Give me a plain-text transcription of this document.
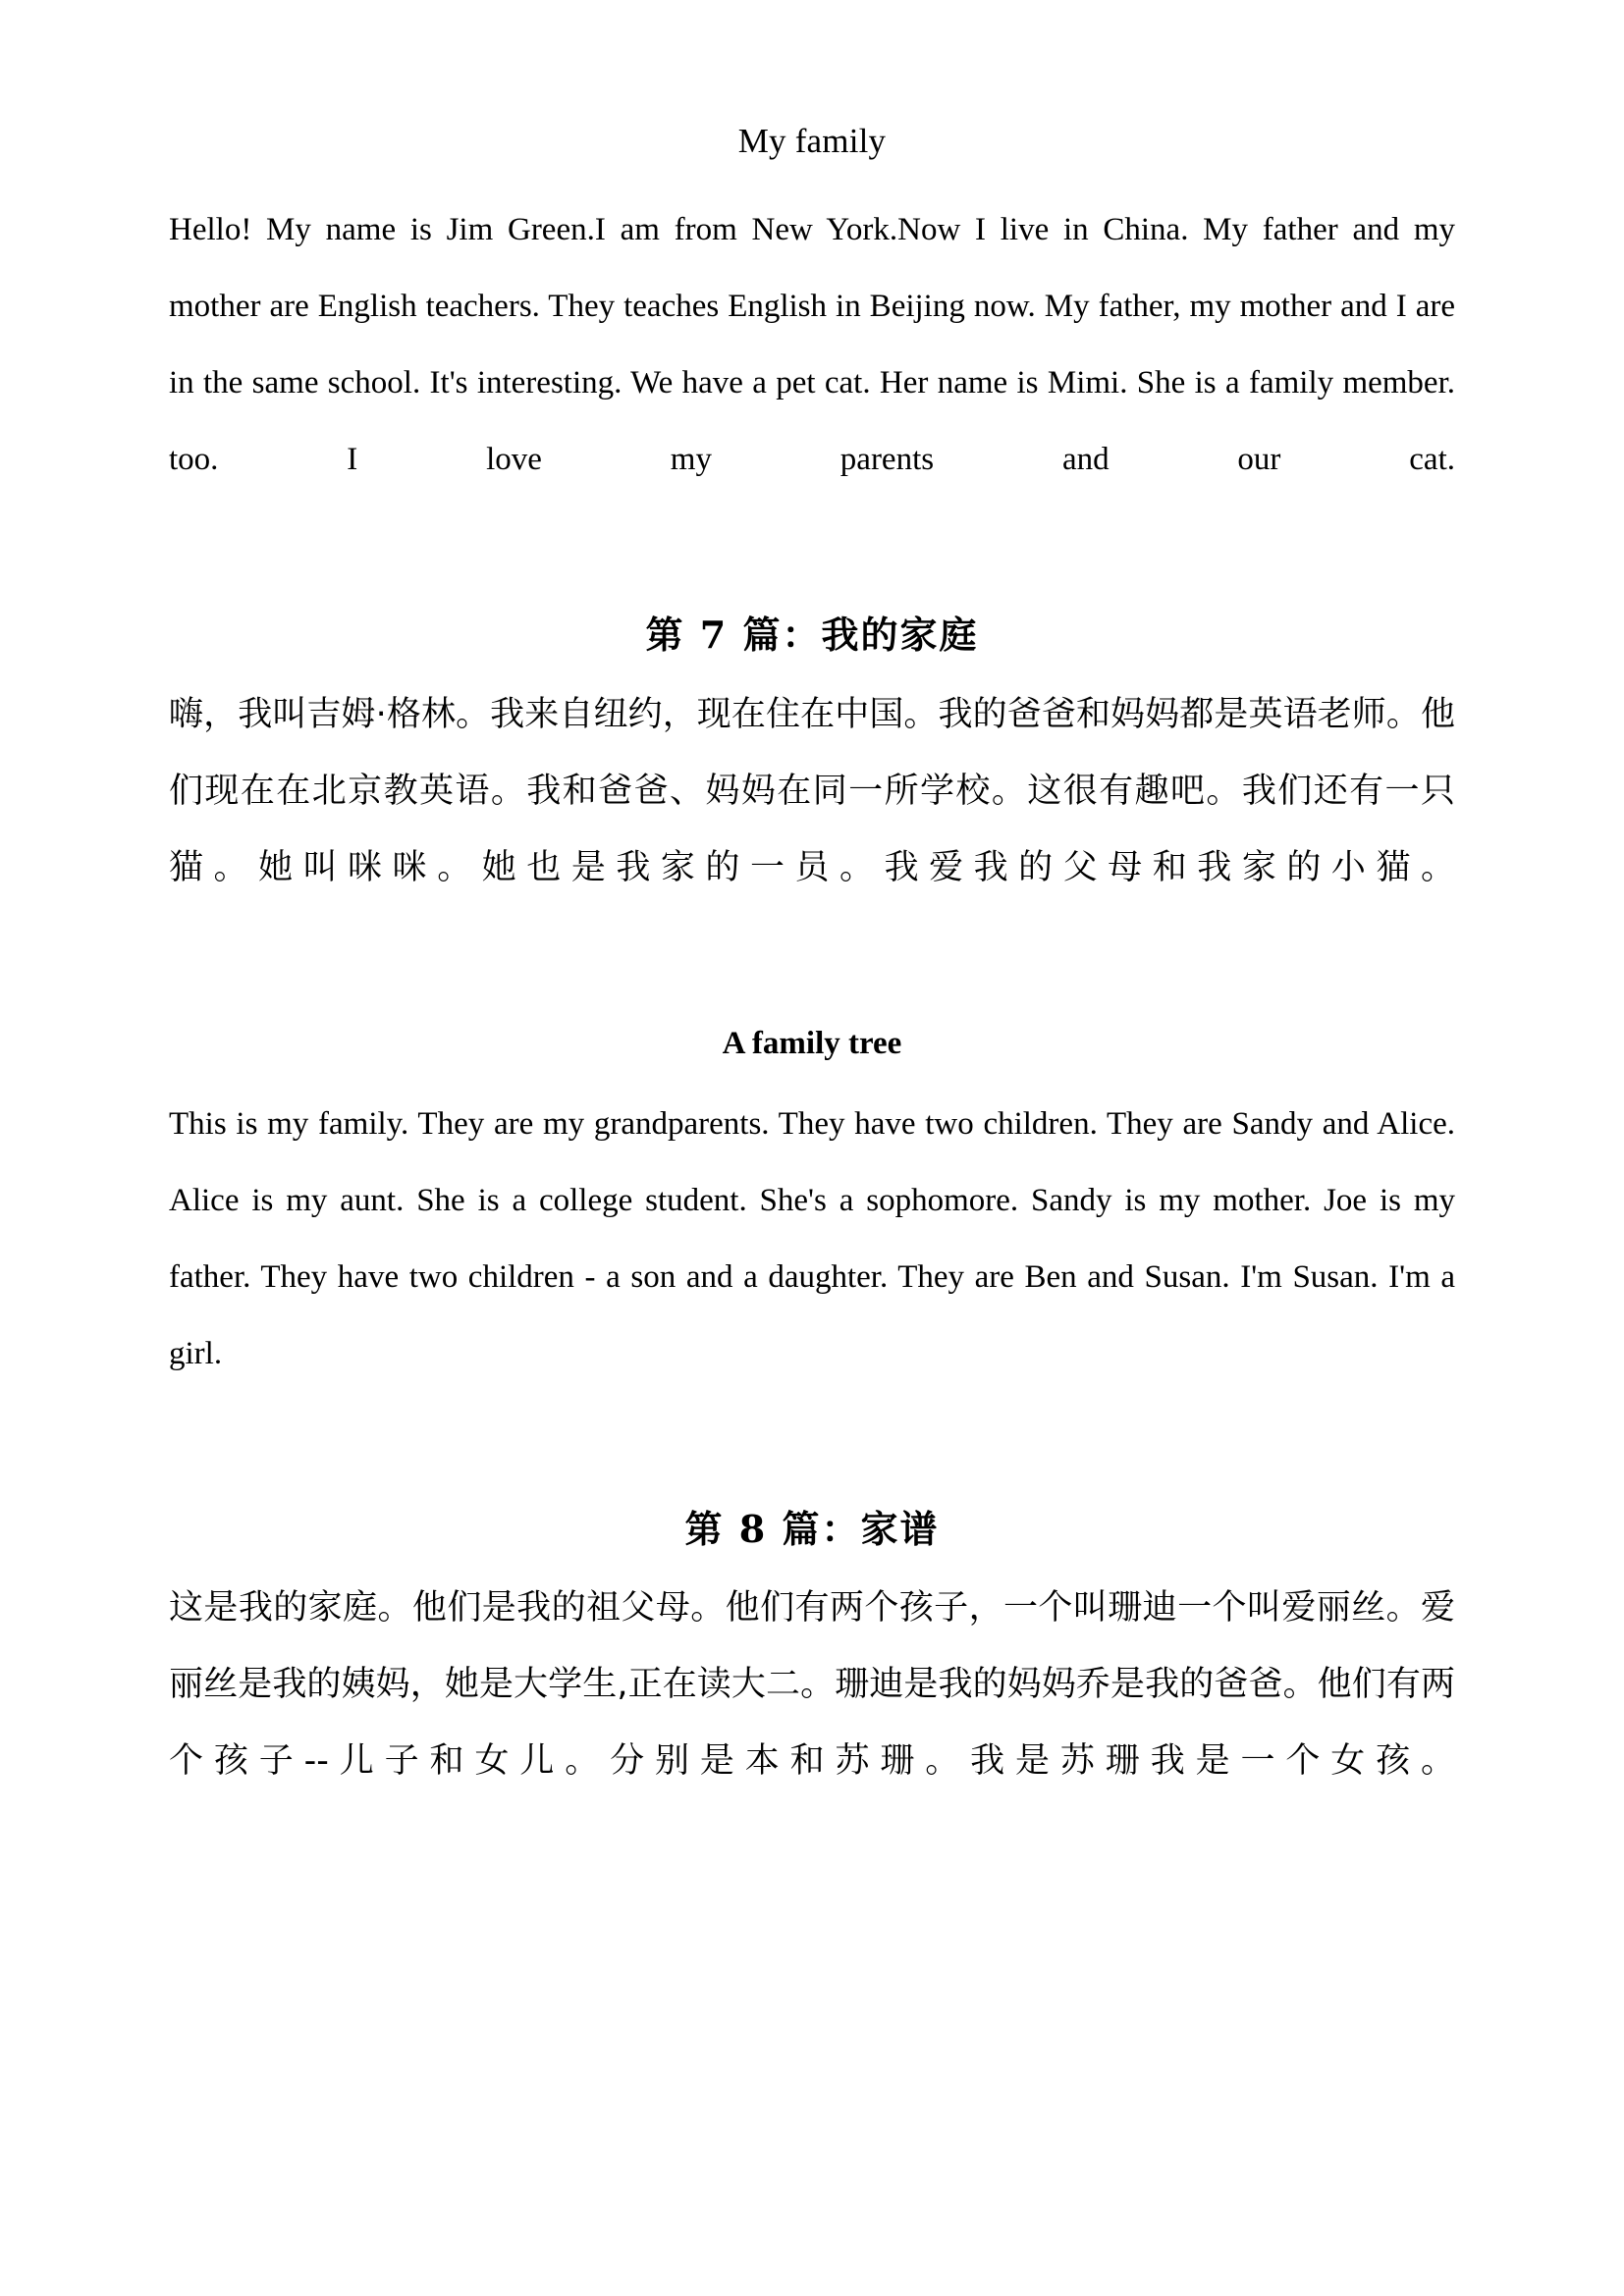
My family

Hello! My name is Jim Green.I am from New York.Now I live in China. My father and my mother are English teachers. They teaches English in Beijing now. My father, my mother and I are in the same school. It's interesting. We have a pet cat. Her name is Mimi. She is a family member. too. I love my parents and our cat.

第 7 篇：我的家庭

嗨，我叫吉姆·格林。我来自纽约，现在住在中国。我的爸爸和妈妈都是英语老师。他们现在在北京教英语。我和爸爸、妈妈在同一所学校。这很有趣吧。我们还有一只猫。她叫咪咪。她也是我家的一员。我爱我的父母和我家的小猫。

A family tree

This is my family. They are my grandparents. They have two children. They are Sandy and Alice. Alice is my aunt. She is a college student. She's a sophomore. Sandy is my mother. Joe is my father. They have two children - a son and a daughter. They are Ben and Susan. I'm Susan. I'm a girl.

第 8 篇：家谱

这是我的家庭。他们是我的祖父母。他们有两个孩子，一个叫珊迪一个叫爱丽丝。爱丽丝是我的姨妈，她是大学生,正在读大二。珊迪是我的妈妈乔是我的爸爸。他们有两个孩子--儿子和女儿。分别是本和苏珊。我是苏珊我是一个女孩。
